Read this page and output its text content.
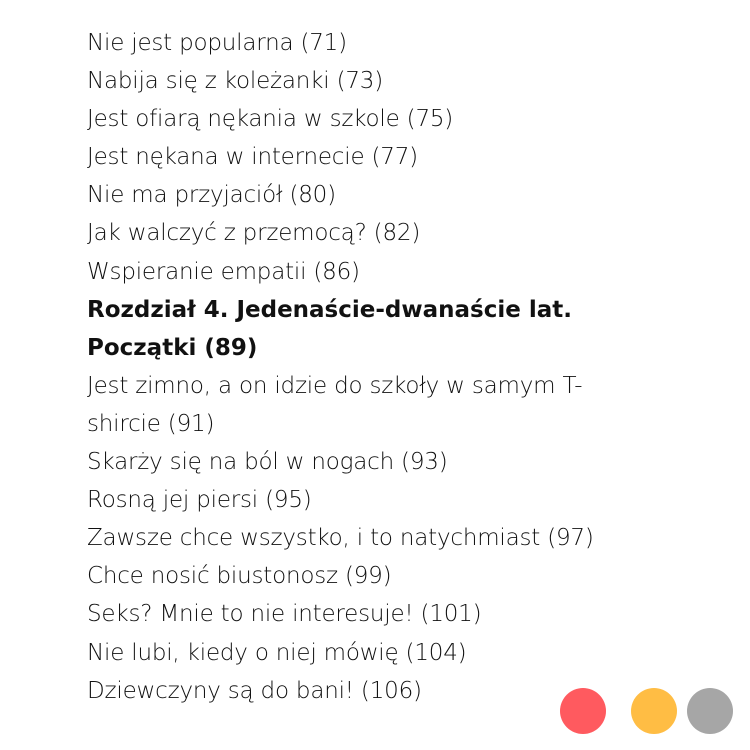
Nie jest popularna (71)
Nabija się z koleżanki (73)
Jest ofiarą nękania w szkole (75)
Jest nękana w internecie (77)
Nie ma przyjaciół (80)
Jak walczyć z przemocą? (82)
Wspieranie empatii (86)
Rozdział 4. Jedenaście-dwanaście lat.
Początki (89)
Jest zimno, a on idzie do szkoły w samym T-
shircie (91)
Skarży się na ból w nogach (93)
Rosną jej piersi (95)
Zawsze chce wszystko, i to natychmiast (97)
Chce nosić biustonosz (99)
Seks? Mnie to nie interesuje! (101)
Nie lubi, kiedy o niej mówię (104)
Dziewczyny są do bani! (106)
